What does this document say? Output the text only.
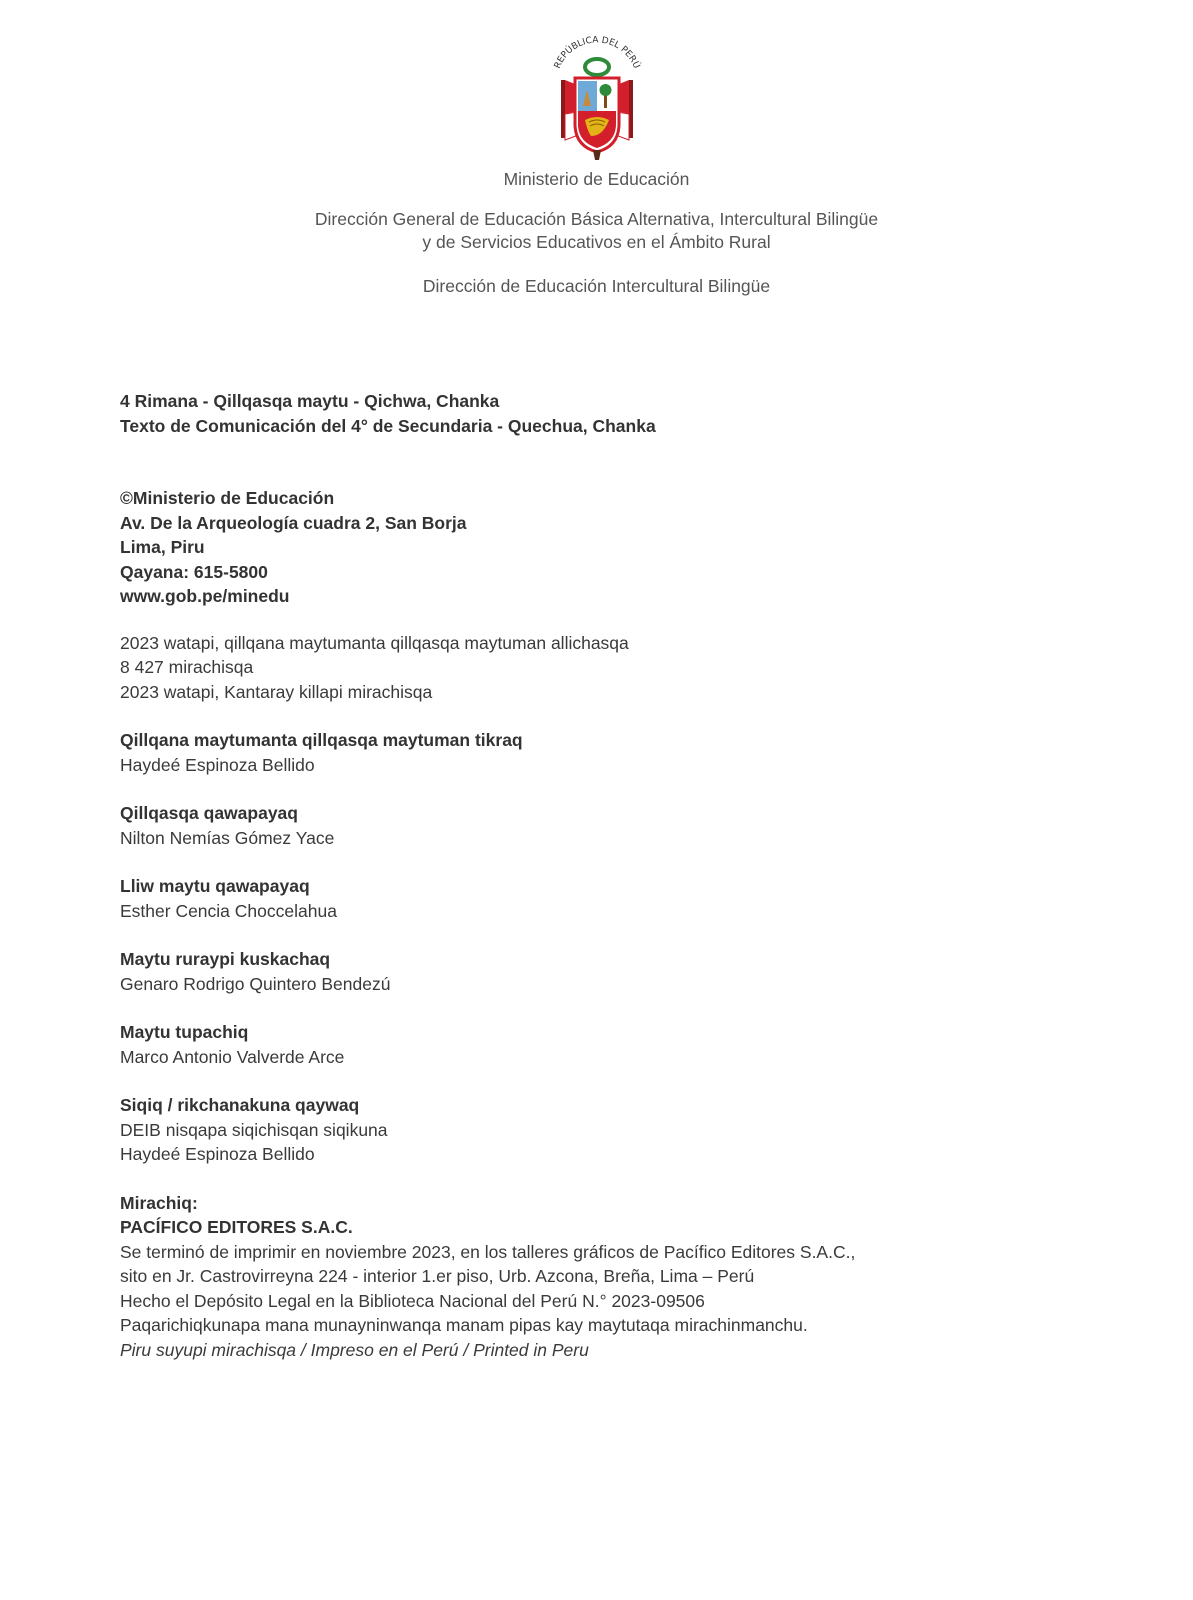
REPÚBLICA DEL PERÚ

Ministerio de Educación

Dirección General de Educación Básica Alternativa, Intercultural Bilingüe

y de Servicios Educativos en el Ámbito Rural

Dirección de Educación Intercultural Bilingüe

4 Rimana - Qillqasqa maytu - Qichwa, Chanka

Texto de Comunicación del 4° de Secundaria - Quechua, Chanka

©Ministerio de Educación

Av. De la Arqueología cuadra 2, San Borja

Lima, Piru

Qayana: 615-5800

www.gob.pe/minedu

2023 watapi, qillqana maytumanta qillqasqa maytuman allichasqa

8 427 mirachisqa

2023 watapi, Kantaray killapi mirachisqa

Qillqana maytumanta qillqasqa maytuman tikraq

Haydeé Espinoza Bellido

Qillqasqa qawapayaq

Nilton Nemías Gómez Yace

Lliw maytu qawapayaq

Esther Cencia Choccelahua

Maytu ruraypi kuskachaq

Genaro Rodrigo Quintero Bendezú

Maytu tupachiq

Marco Antonio Valverde Arce

Siqiq / rikchanakuna qaywaq

DEIB nisqapa siqichisqan siqikuna

Haydeé Espinoza Bellido

Mirachiq:

PACÍFICO EDITORES S.A.C.

Se terminó de imprimir en noviembre 2023, en los talleres gráficos de Pacífico Editores S.A.C.,

sito en Jr. Castrovirreyna 224 - interior 1.er piso, Urb. Azcona, Breña, Lima – Perú

Hecho el Depósito Legal en la Biblioteca Nacional del Perú N.° 2023-09506

Paqarichiqkunapa mana munayninwanqa manam pipas kay maytutaqa mirachinmanchu.

Piru suyupi mirachisqa / Impreso en el Perú / Printed in Peru
